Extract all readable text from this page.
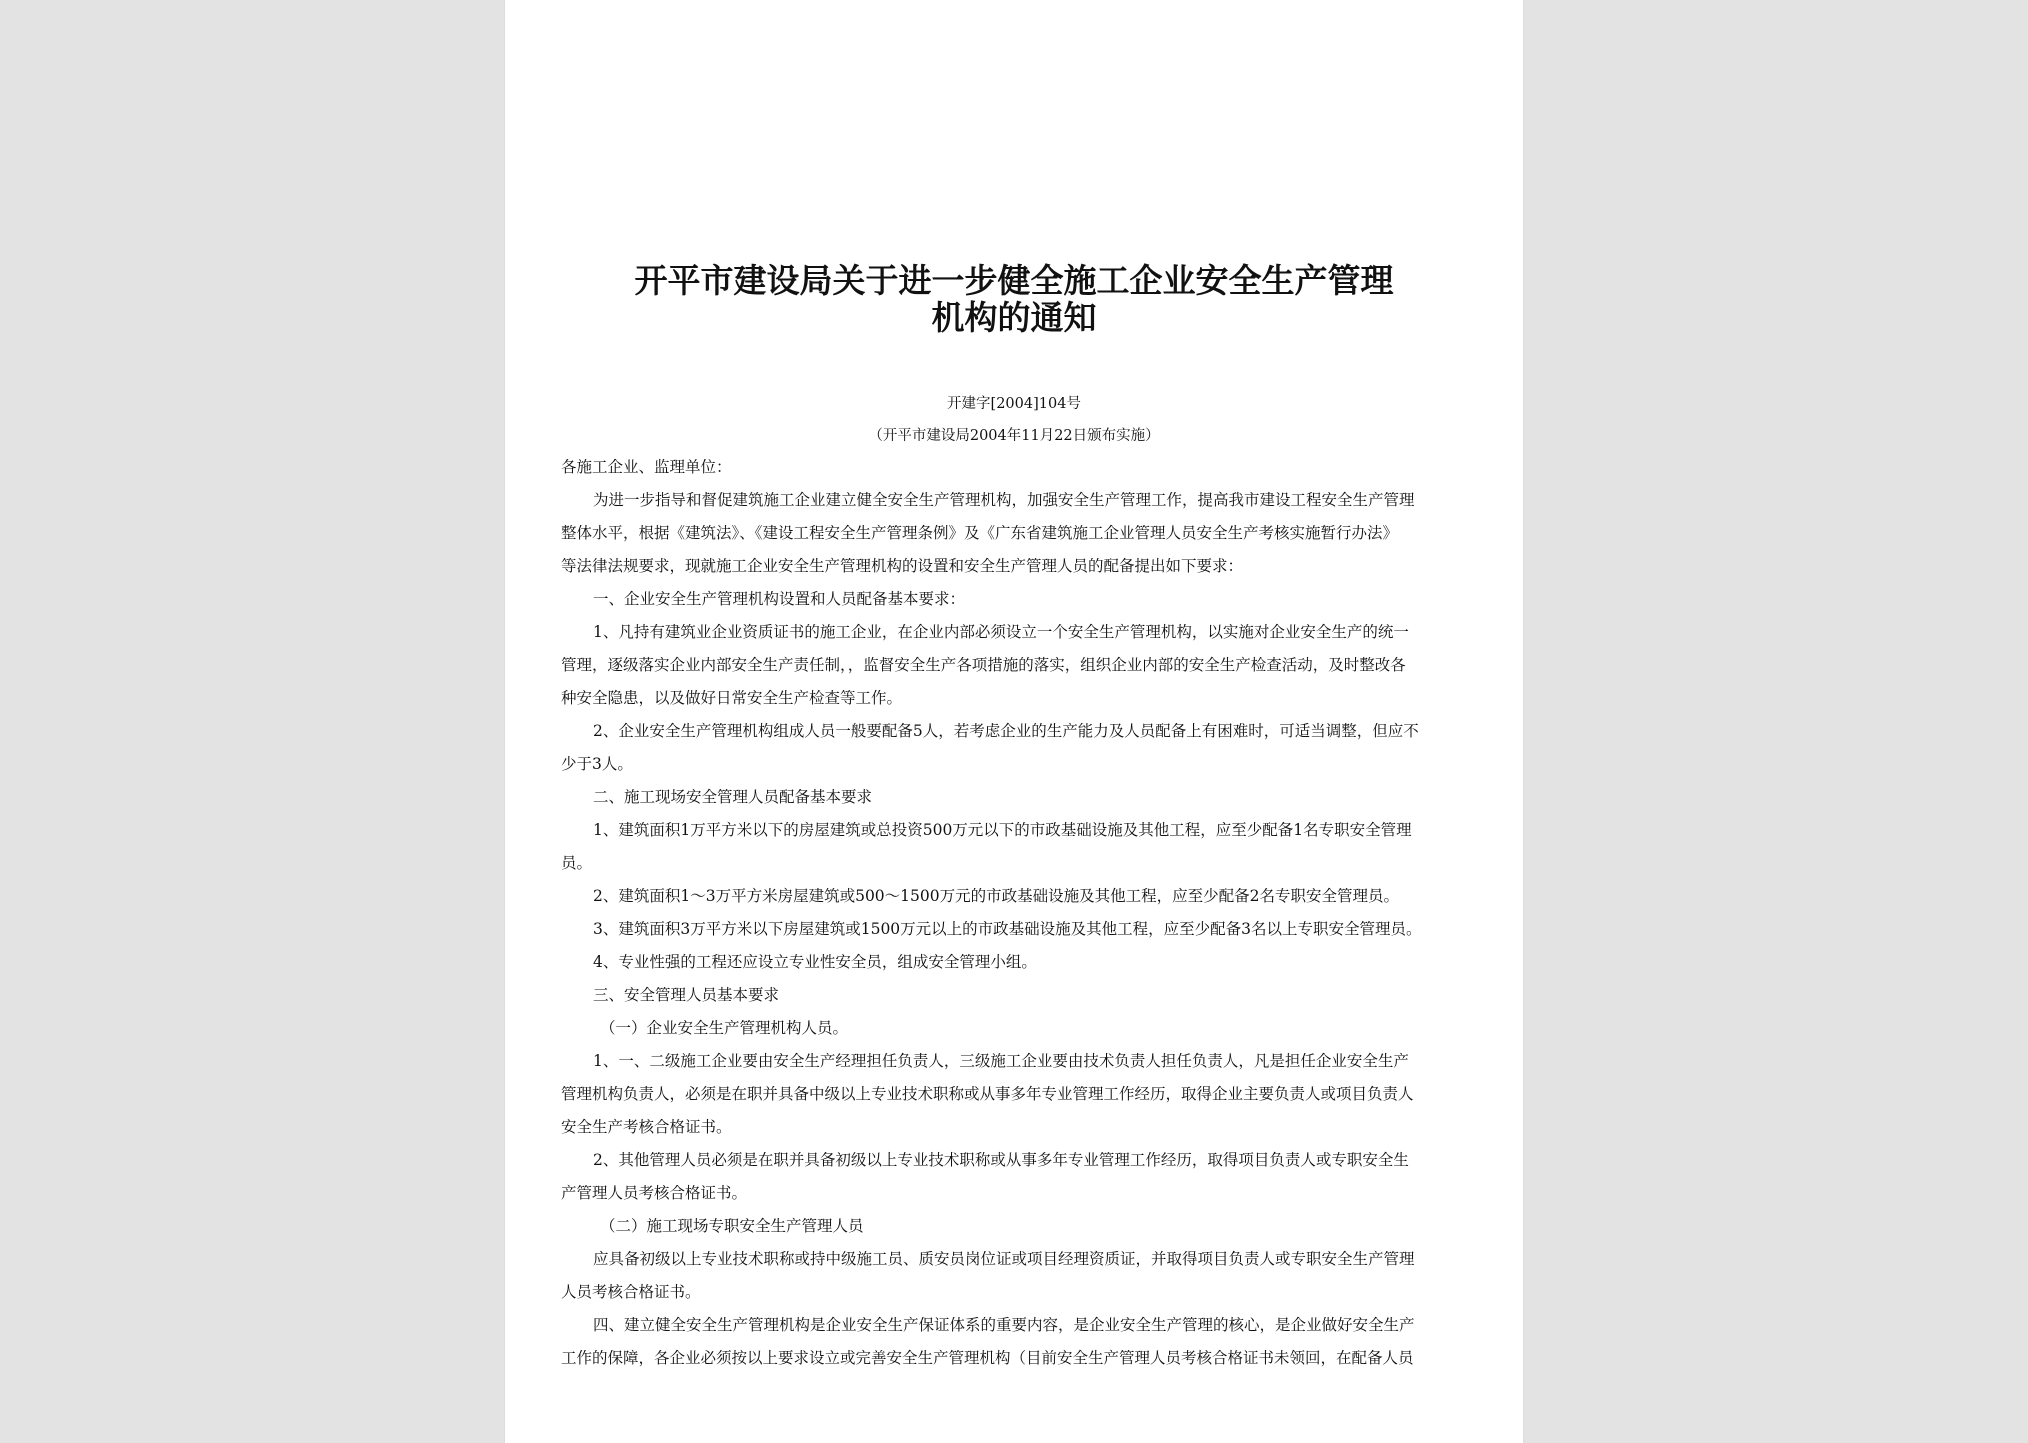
开平市建设局关于进一步健全施工企业安全生产管理
机构的通知
开建字[2004]104号
（开平市建设局2004年11月22日颁布实施）
各施工企业、监理单位：
为进一步指导和督促建筑施工企业建立健全安全生产管理机构，加强安全生产管理工作，提高我市建设工程安全生产管理
整体水平，根据《建筑法》、《建设工程安全生产管理条例》及《广东省建筑施工企业管理人员安全生产考核实施暂行办法》
等法律法规要求，现就施工企业安全生产管理机构的设置和安全生产管理人员的配备提出如下要求：
一、企业安全生产管理机构设置和人员配备基本要求：
1、凡持有建筑业企业资质证书的施工企业，在企业内部必须设立一个安全生产管理机构，以实施对企业安全生产的统一
管理，逐级落实企业内部安全生产责任制，，监督安全生产各项措施的落实，组织企业内部的安全生产检查活动，及时整改各
种安全隐患，以及做好日常安全生产检查等工作。
2、企业安全生产管理机构组成人员一般要配备5人，若考虑企业的生产能力及人员配备上有困难时，可适当调整，但应不
少于3人。
二、施工现场安全管理人员配备基本要求
1、建筑面积1万平方米以下的房屋建筑或总投资500万元以下的市政基础设施及其他工程，应至少配备1名专职安全管理
员。
2、建筑面积1～3万平方米房屋建筑或500～1500万元的市政基础设施及其他工程，应至少配备2名专职安全管理员。
3、建筑面积3万平方米以下房屋建筑或1500万元以上的市政基础设施及其他工程，应至少配备3名以上专职安全管理员。
4、专业性强的工程还应设立专业性安全员，组成安全管理小组。
三、安全管理人员基本要求
（一）企业安全生产管理机构人员。
1、一、二级施工企业要由安全生产经理担任负责人，三级施工企业要由技术负责人担任负责人，凡是担任企业安全生产
管理机构负责人，必须是在职并具备中级以上专业技术职称或从事多年专业管理工作经历，取得企业主要负责人或项目负责人
安全生产考核合格证书。
2、其他管理人员必须是在职并具备初级以上专业技术职称或从事多年专业管理工作经历，取得项目负责人或专职安全生
产管理人员考核合格证书。
（二）施工现场专职安全生产管理人员
应具备初级以上专业技术职称或持中级施工员、质安员岗位证或项目经理资质证，并取得项目负责人或专职安全生产管理
人员考核合格证书。
四、建立健全安全生产管理机构是企业安全生产保证体系的重要内容，是企业安全生产管理的核心，是企业做好安全生产
工作的保障，各企业必须按以上要求设立或完善安全生产管理机构（目前安全生产管理人员考核合格证书未领回，在配备人员
